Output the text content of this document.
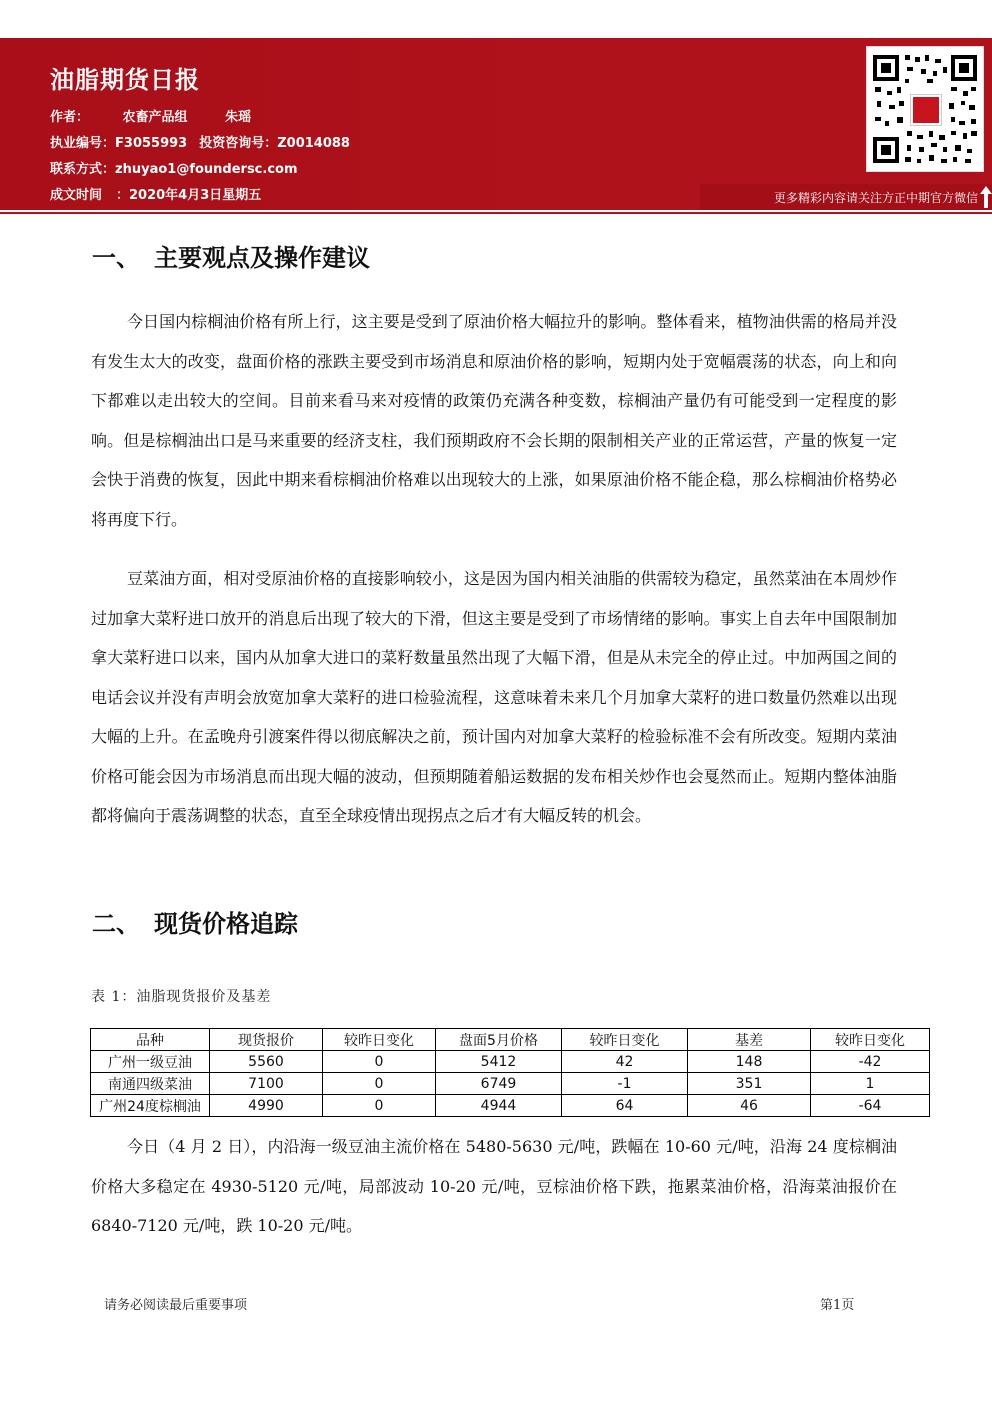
油脂期货日报
作者：	农畜产品组	朱瑶
执业编号：F3055993 投资咨询号：Z0014088
联系方式：zhuyao1@foundersc.com
成文时间 ：2020年4月3日星期五	更多精彩内容请关注方正中期官方微信
一、 主要观点及操作建议
今日国内棕榈油价格有所上行，这主要是受到了原油价格大幅拉升的影响。整体看来，植物油供需的格局并没有发生太大的改变，盘面价格的涨跌主要受到市场消息和原油价格的影响，短期内处于宽幅震荡的状态，向上和向下都难以走出较大的空间。目前来看马来对疫情的政策仍充满各种变数，棕榈油产量仍有可能受到一定程度的影响。但是棕榈油出口是马来重要的经济支柱，我们预期政府不会长期的限制相关产业的正常运营，产量的恢复一定会快于消费的恢复，因此中期来看棕榈油价格难以出现较大的上涨，如果原油价格不能企稳，那么棕榈油价格势必将再度下行。
豆菜油方面，相对受原油价格的直接影响较小，这是因为国内相关油脂的供需较为稳定，虽然菜油在本周炒作过加拿大菜籽进口放开的消息后出现了较大的下滑，但这主要是受到了市场情绪的影响。事实上自去年中国限制加拿大菜籽进口以来，国内从加拿大进口的菜籽数量虽然出现了大幅下滑，但是从未完全的停止过。中加两国之间的电话会议并没有声明会放宽加拿大菜籽的进口检验流程，这意味着未来几个月加拿大菜籽的进口数量仍然难以出现大幅的上升。在孟晚舟引渡案件得以彻底解决之前，预计国内对加拿大菜籽的检验标准不会有所改变。短期内菜油价格可能会因为市场消息而出现大幅的波动，但预期随着船运数据的发布相关炒作也会戛然而止。短期内整体油脂都将偏向于震荡调整的状态，直至全球疫情出现拐点之后才有大幅反转的机会。
二、 现货价格追踪
表 1：油脂现货报价及基差
品种	现货报价	较昨日变化	盘面5月价格	较昨日变化	基差	较昨日变化
广州一级豆油	5560	0	5412	42	148	-42
南通四级菜油	7100	0	6749	-1	351	1
广州24度棕榈油	4990	0	4944	64	46	-64
今日（4 月 2 日），内沿海一级豆油主流价格在 5480-5630 元/吨，跌幅在 10-60 元/吨，沿海 24 度棕榈油价格大多稳定在 4930-5120 元/吨，局部波动 10-20 元/吨，豆棕油价格下跌，拖累菜油价格，沿海菜油报价在 6840-7120 元/吨，跌 10-20 元/吨。
请务必阅读最后重要事项	第1页
